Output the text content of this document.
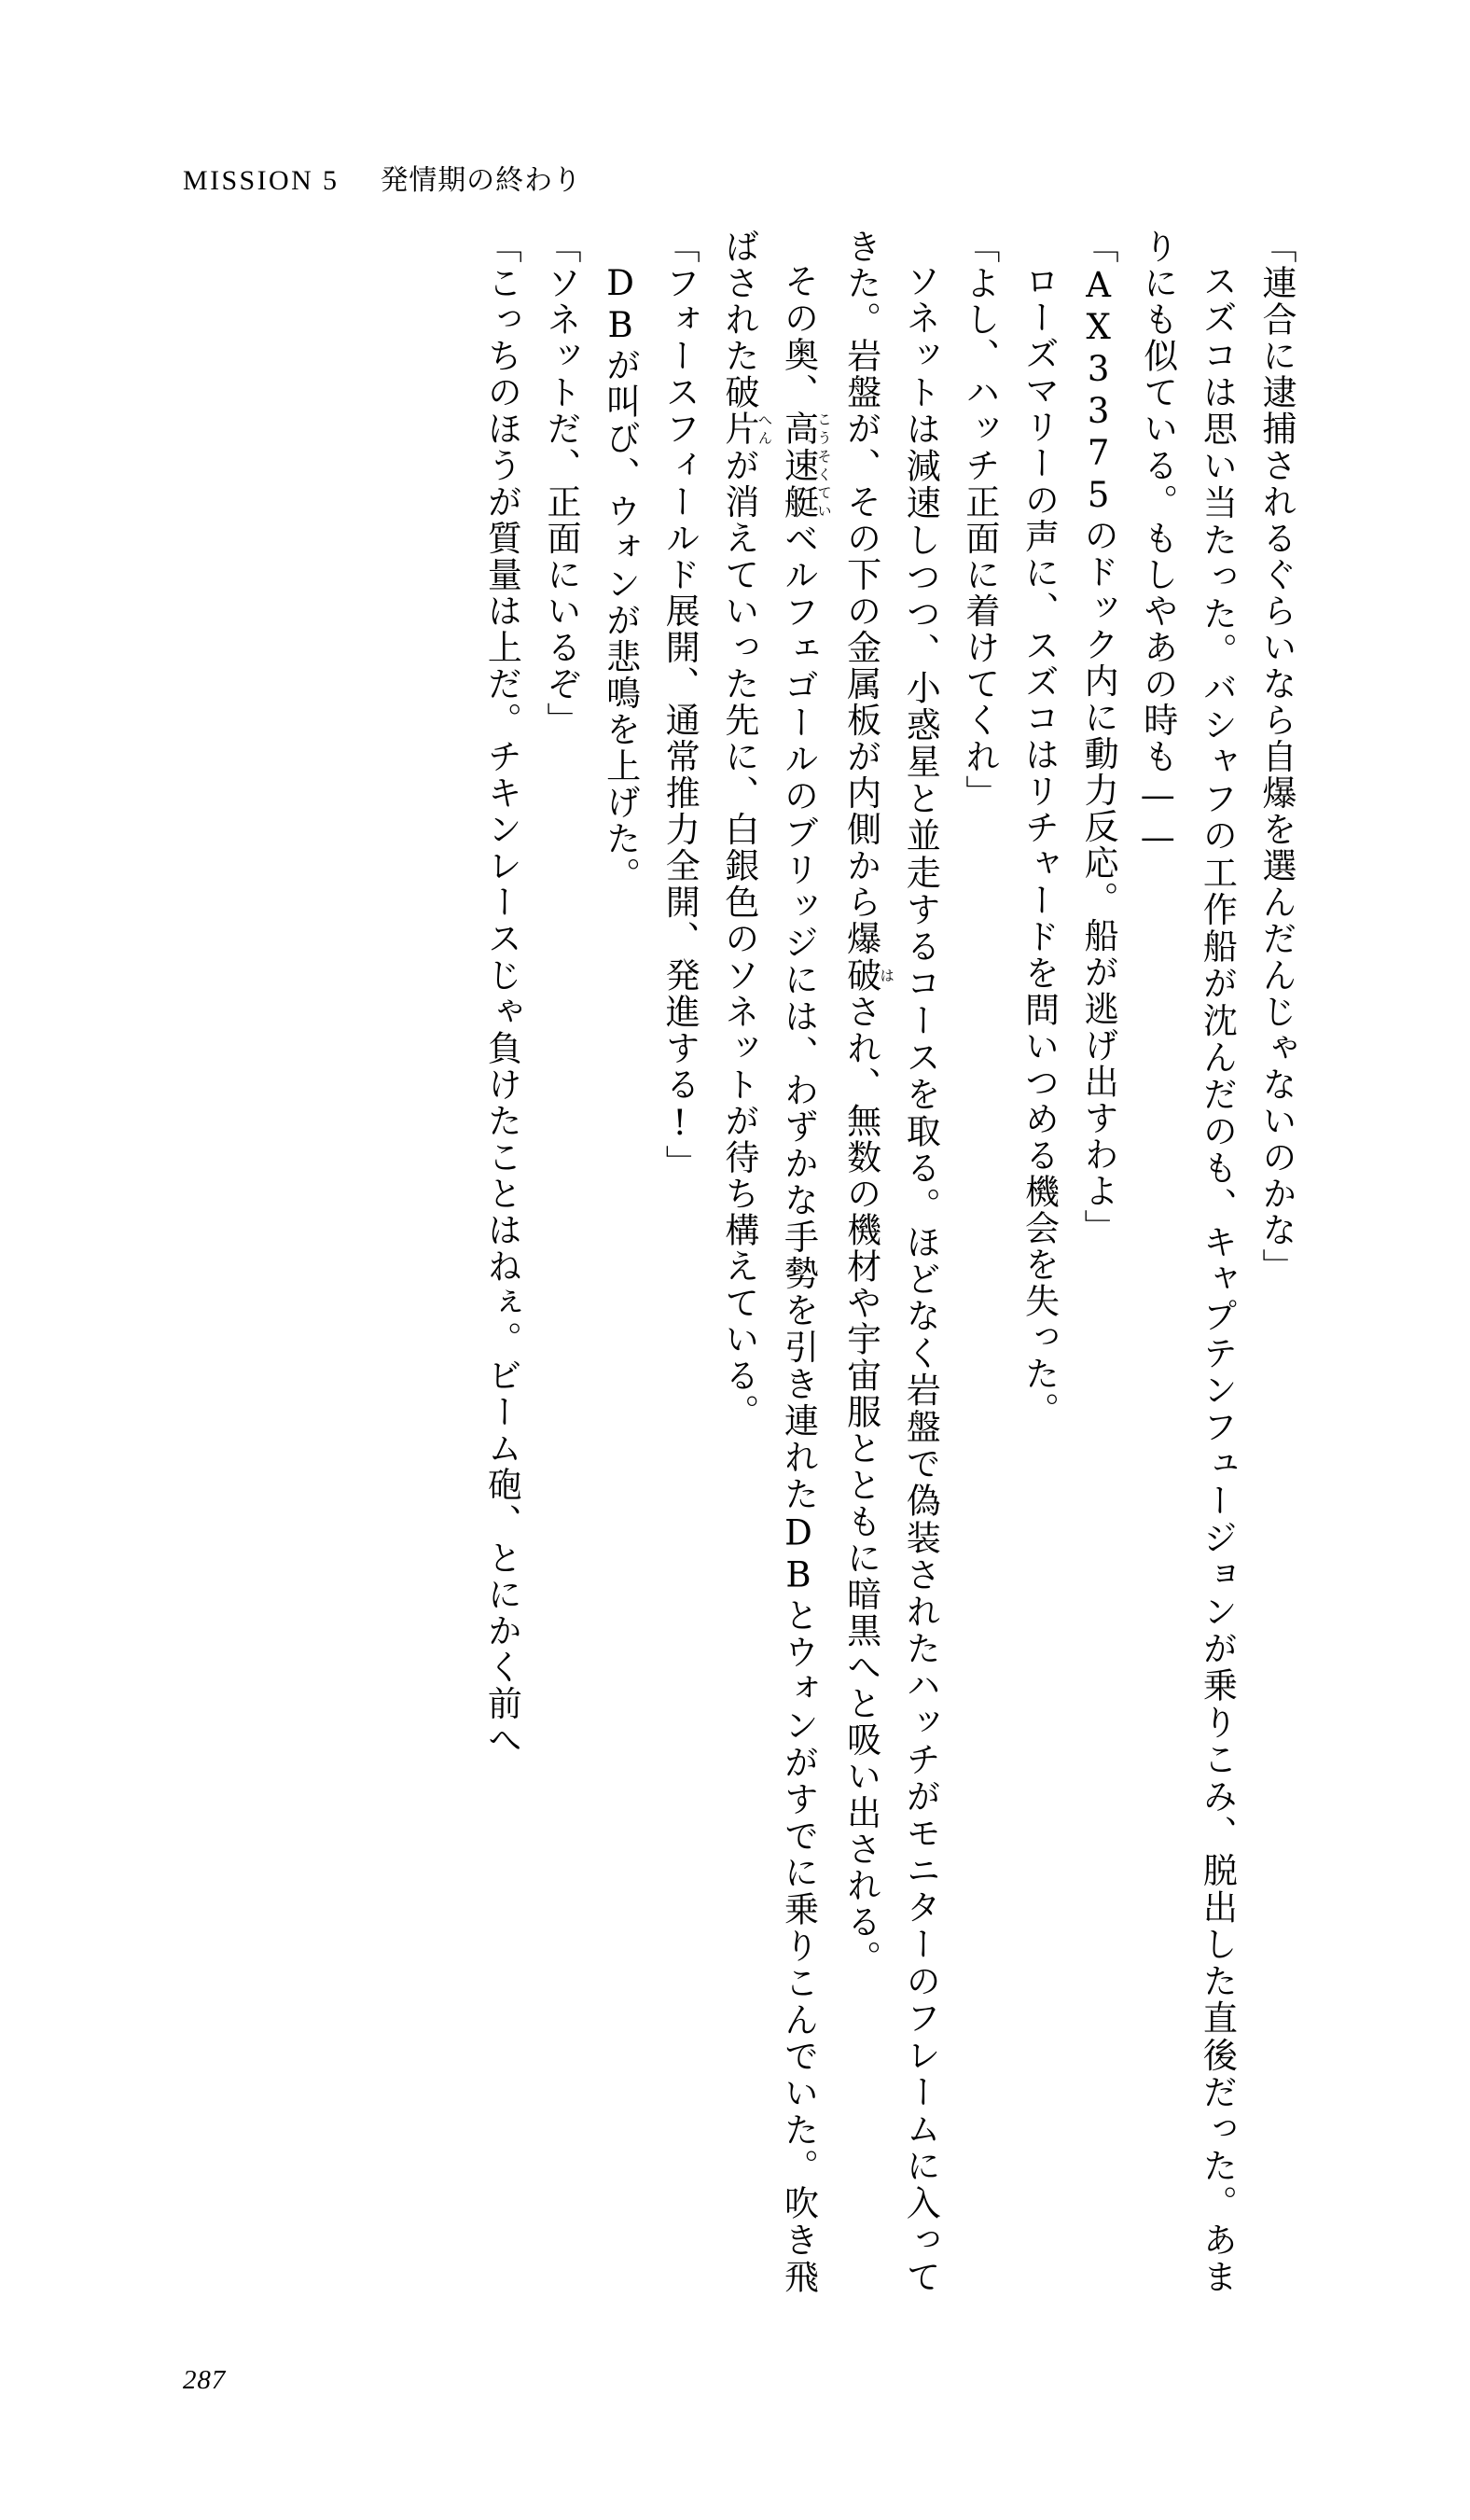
MISSION 5 発情期の終わり

「連合に逮捕されるぐらいなら自爆を選んだんじゃないのかな」

スズコは思い当たった。バシャフの工作船が沈んだのも、キャプテンフュージョンが乗りこみ、脱出した直後だった。あまりにも似ている。もしやあの時も——

「AX3375のドック内に動力反応。船が逃げ出すわよ」

ローズマリーの声に、スズコはリチャードを問いつめる機会を失った。

「よし、ハッチ正面に着けてくれ」

ソネットは減速しつつ、小惑星と並走するコースを取る。ほどなく岩盤で偽装されたハッチがモニターのフレームに入ってきた。岩盤が、その下の金属板が内側から爆破はされ、無数の機材や宇宙服とともに暗黒へと吸い出される。

その奥、高速艇こうそくていベルフェゴールのブリッジには、わずかな手勢を引き連れたDBとウォンがすでに乗りこんでいた。吹き飛ばされた破片へんが消えていった先に、白銀色のソネットが待ち構えている。

「フォースフィールド展開、通常推力全開、発進する!」

DBが叫び、ウォンが悲鳴を上げた。

「ソネットだ、正面にいるぞ」

「こっちのほうが質量は上だ。チキンレースじゃ負けたことはねぇ。ビーム砲、とにかく前へ

287
